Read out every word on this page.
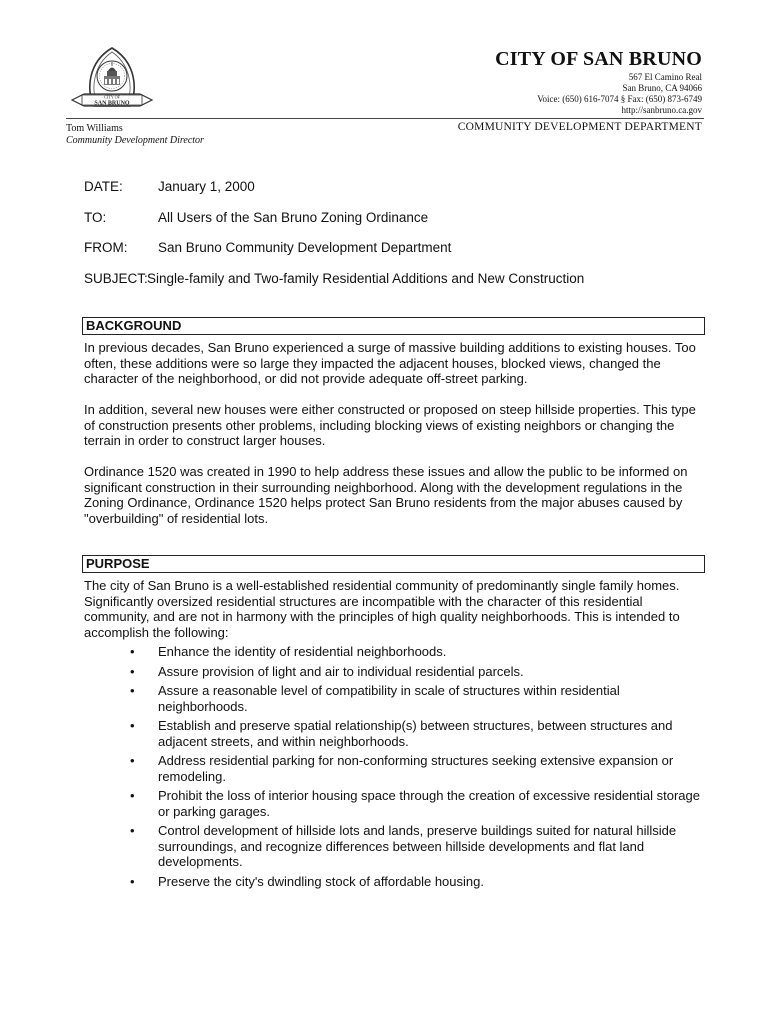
CITY OF
SAN BRUNO
CITY OF SAN BRUNO
567 El Camino Real
San Bruno, CA 94066
Voice: (650) 616-7074 § Fax: (650) 873-6749
http://sanbruno.ca.gov
Tom Williams
Community Development Director
COMMUNITY DEVELOPMENT DEPARTMENT
DATE:	January 1, 2000
TO:	All Users of the San Bruno Zoning Ordinance
FROM: San Bruno Community Development Department
SUBJECT: Single-family and Two-family Residential Additions and New Construction
BACKGROUND

In previous decades, San Bruno experienced a surge of massive building additions to existing houses. Too often, these additions were so large they impacted the adjacent houses, blocked views, changed the character of the neighborhood, or did not provide adequate off-street parking.

In addition, several new houses were either constructed or proposed on steep hillside properties. This type of construction presents other problems, including blocking views of existing neighbors or changing the terrain in order to construct larger houses.

Ordinance 1520 was created in 1990 to help address these issues and allow the public to be informed on significant construction in their surrounding neighborhood. Along with the development regulations in the Zoning Ordinance, Ordinance 1520 helps protect San Bruno residents from the major abuses caused by "overbuilding" of residential lots.

PURPOSE

The city of San Bruno is a well-established residential community of predominantly single family homes. Significantly oversized residential structures are incompatible with the character of this residential community, and are not in harmony with the principles of high quality neighborhoods. This is intended to accomplish the following:

•	Enhance the identity of residential neighborhoods.
•	Assure provision of light and air to individual residential parcels.
•	Assure a reasonable level of compatibility in scale of structures within residential neighborhoods.
•	Establish and preserve spatial relationship(s) between structures, between structures and adjacent streets, and within neighborhoods.
•	Address residential parking for non-conforming structures seeking extensive expansion or remodeling.
•	Prohibit the loss of interior housing space through the creation of excessive residential storage or parking garages.
•	Control development of hillside lots and lands, preserve buildings suited for natural hillside surroundings, and recognize differences between hillside developments and flat land developments.
•	Preserve the city's dwindling stock of affordable housing.
